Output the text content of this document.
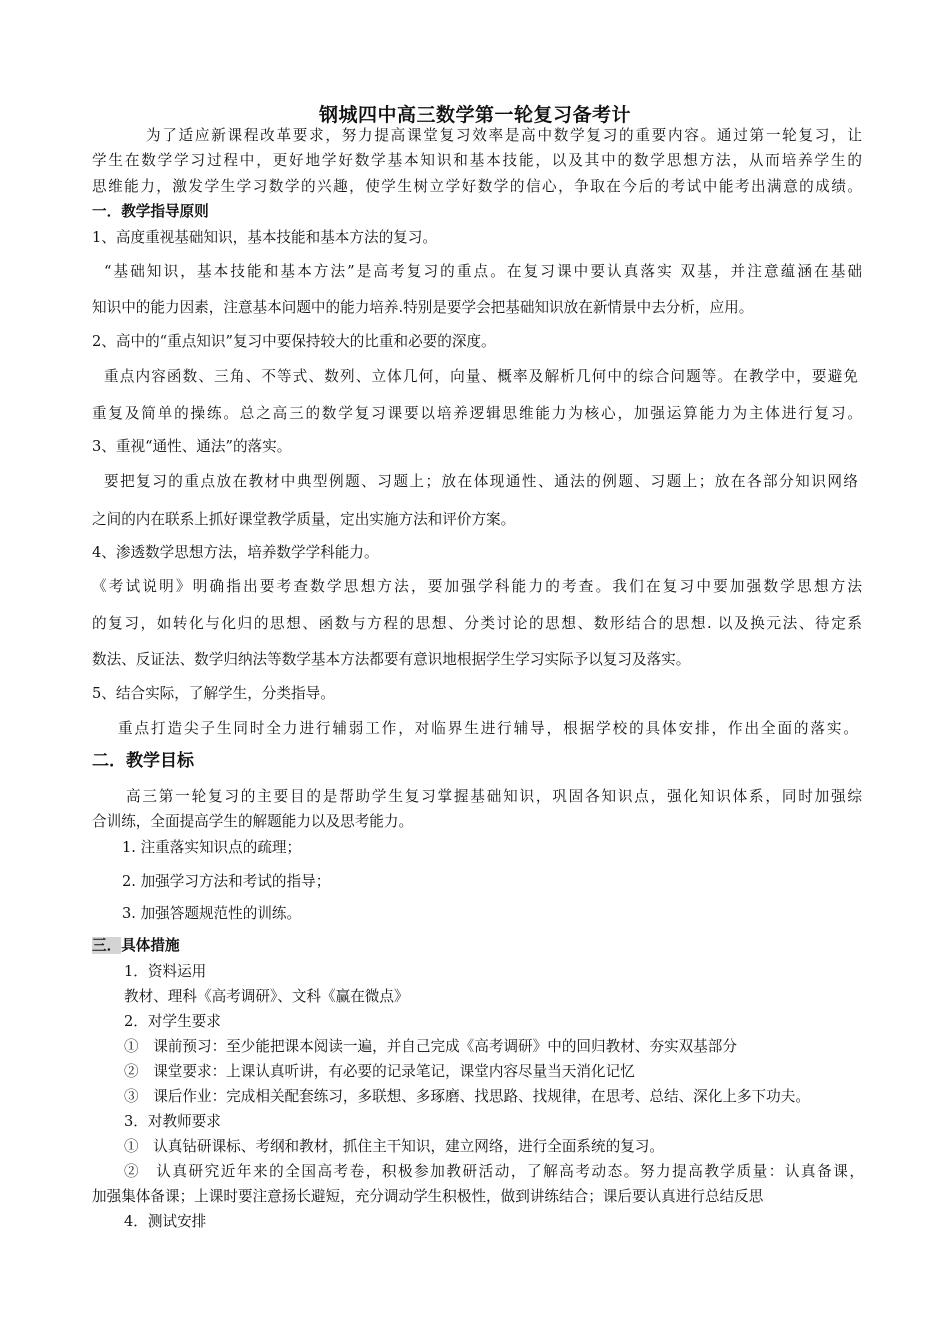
钢城四中高三数学第一轮复习备考计
为了适应新课程改革要求，努力提高课堂复习效率是高中数学复习的重要内容。通过第一轮复习，让
学生在数学学习过程中，更好地学好数学基本知识和基本技能，以及其中的数学思想方法，从而培养学生的
思维能力，激发学生学习数学的兴趣，使学生树立学好数学的信心，争取在今后的考试中能考出满意的成绩。
一．教学指导原则
1、高度重视基础知识，基本技能和基本方法的复习。
“基础知识，基本技能和基本方法”是高考复习的重点。在复习课中要认真落实 双基，并注意蕴涵在基础
知识中的能力因素，注意基本问题中的能力培养.特别是要学会把基础知识放在新情景中去分析，应用。
2、高中的“重点知识”复习中要保持较大的比重和必要的深度。
重点内容函数、三角、不等式、数列、立体几何，向量、概率及解析几何中的综合问题等。在教学中，要避免
重复及简单的操练。总之高三的数学复习课要以培养逻辑思维能力为核心，加强运算能力为主体进行复习。
3、重视“通性、通法”的落实。
要把复习的重点放在教材中典型例题、习题上；放在体现通性、通法的例题、习题上；放在各部分知识网络
之间的内在联系上抓好课堂教学质量，定出实施方法和评价方案。
4、渗透数学思想方法，培养数学学科能力。
《考试说明》明确指出要考查数学思想方法，要加强学科能力的考查。我们在复习中要加强数学思想方法
的复习，如转化与化归的思想、函数与方程的思想、分类讨论的思想、数形结合的思想. 以及换元法、待定系
数法、反证法、数学归纳法等数学基本方法都要有意识地根据学生学习实际予以复习及落实。
5、结合实际，了解学生，分类指导。
重点打造尖子生同时全力进行辅弱工作，对临界生进行辅导，根据学校的具体安排，作出全面的落实。
二．教学目标
高三第一轮复习的主要目的是帮助学生复习掌握基础知识，巩固各知识点，强化知识体系，同时加强综
合训练，全面提高学生的解题能力以及思考能力。
1. 注重落实知识点的疏理；
2. 加强学习方法和考试的指导；
3. 加强答题规范性的训练。
三．具体措施
1．资料运用
教材、理科《高考调研》、文科《赢在微点》
2．对学生要求
①　课前预习：至少能把课本阅读一遍，并自己完成《高考调研》中的回归教材、夯实双基部分
②　课堂要求：上课认真听讲，有必要的记录笔记，课堂内容尽量当天消化记忆
③　课后作业：完成相关配套练习，多联想、多琢磨、找思路、找规律，在思考、总结、深化上多下功夫。
3．对教师要求
①　认真钻研课标、考纲和教材，抓住主干知识，建立网络，进行全面系统的复习。
②　认真研究近年来的全国高考卷，积极参加教研活动，了解高考动态。努力提高教学质量：认真备课，
加强集体备课；上课时要注意扬长避短，充分调动学生积极性，做到讲练结合；课后要认真进行总结反思
4．测试安排
